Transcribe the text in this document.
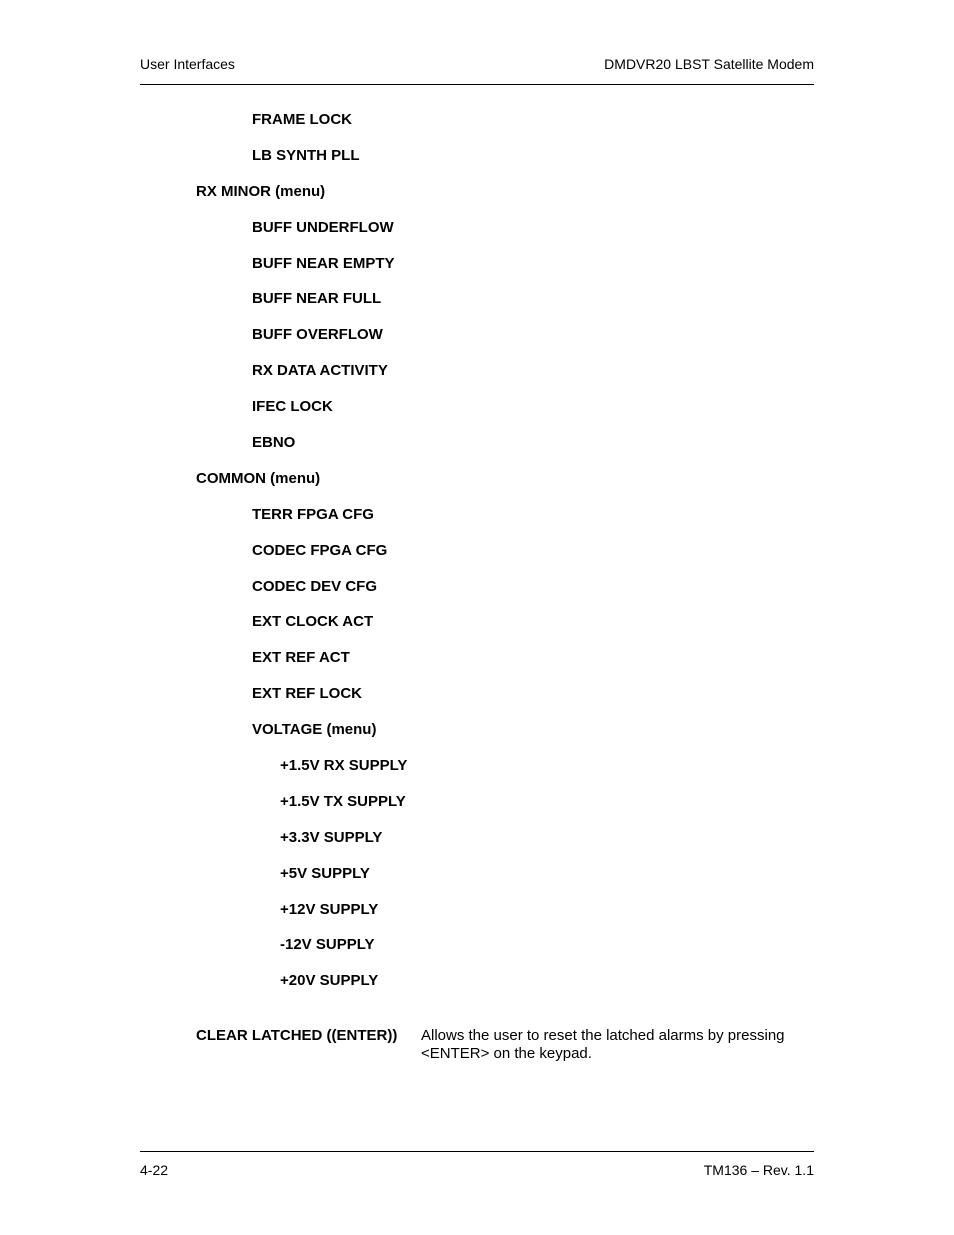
User Interfaces	DMDVR20 LBST Satellite Modem
FRAME LOCK
LB SYNTH PLL
RX MINOR (menu)
BUFF UNDERFLOW
BUFF NEAR EMPTY
BUFF NEAR FULL
BUFF OVERFLOW
RX DATA ACTIVITY
IFEC LOCK
EBNO
COMMON (menu)
TERR FPGA CFG
CODEC FPGA CFG
CODEC DEV CFG
EXT CLOCK ACT
EXT REF ACT
EXT REF LOCK
VOLTAGE (menu)
+1.5V RX SUPPLY
+1.5V TX SUPPLY
+3.3V SUPPLY
+5V SUPPLY
+12V SUPPLY
-12V SUPPLY
+20V SUPPLY
CLEAR LATCHED ((ENTER)) Allows the user to reset the latched alarms by pressing <ENTER> on the keypad.
4-22	TM136 – Rev. 1.1
